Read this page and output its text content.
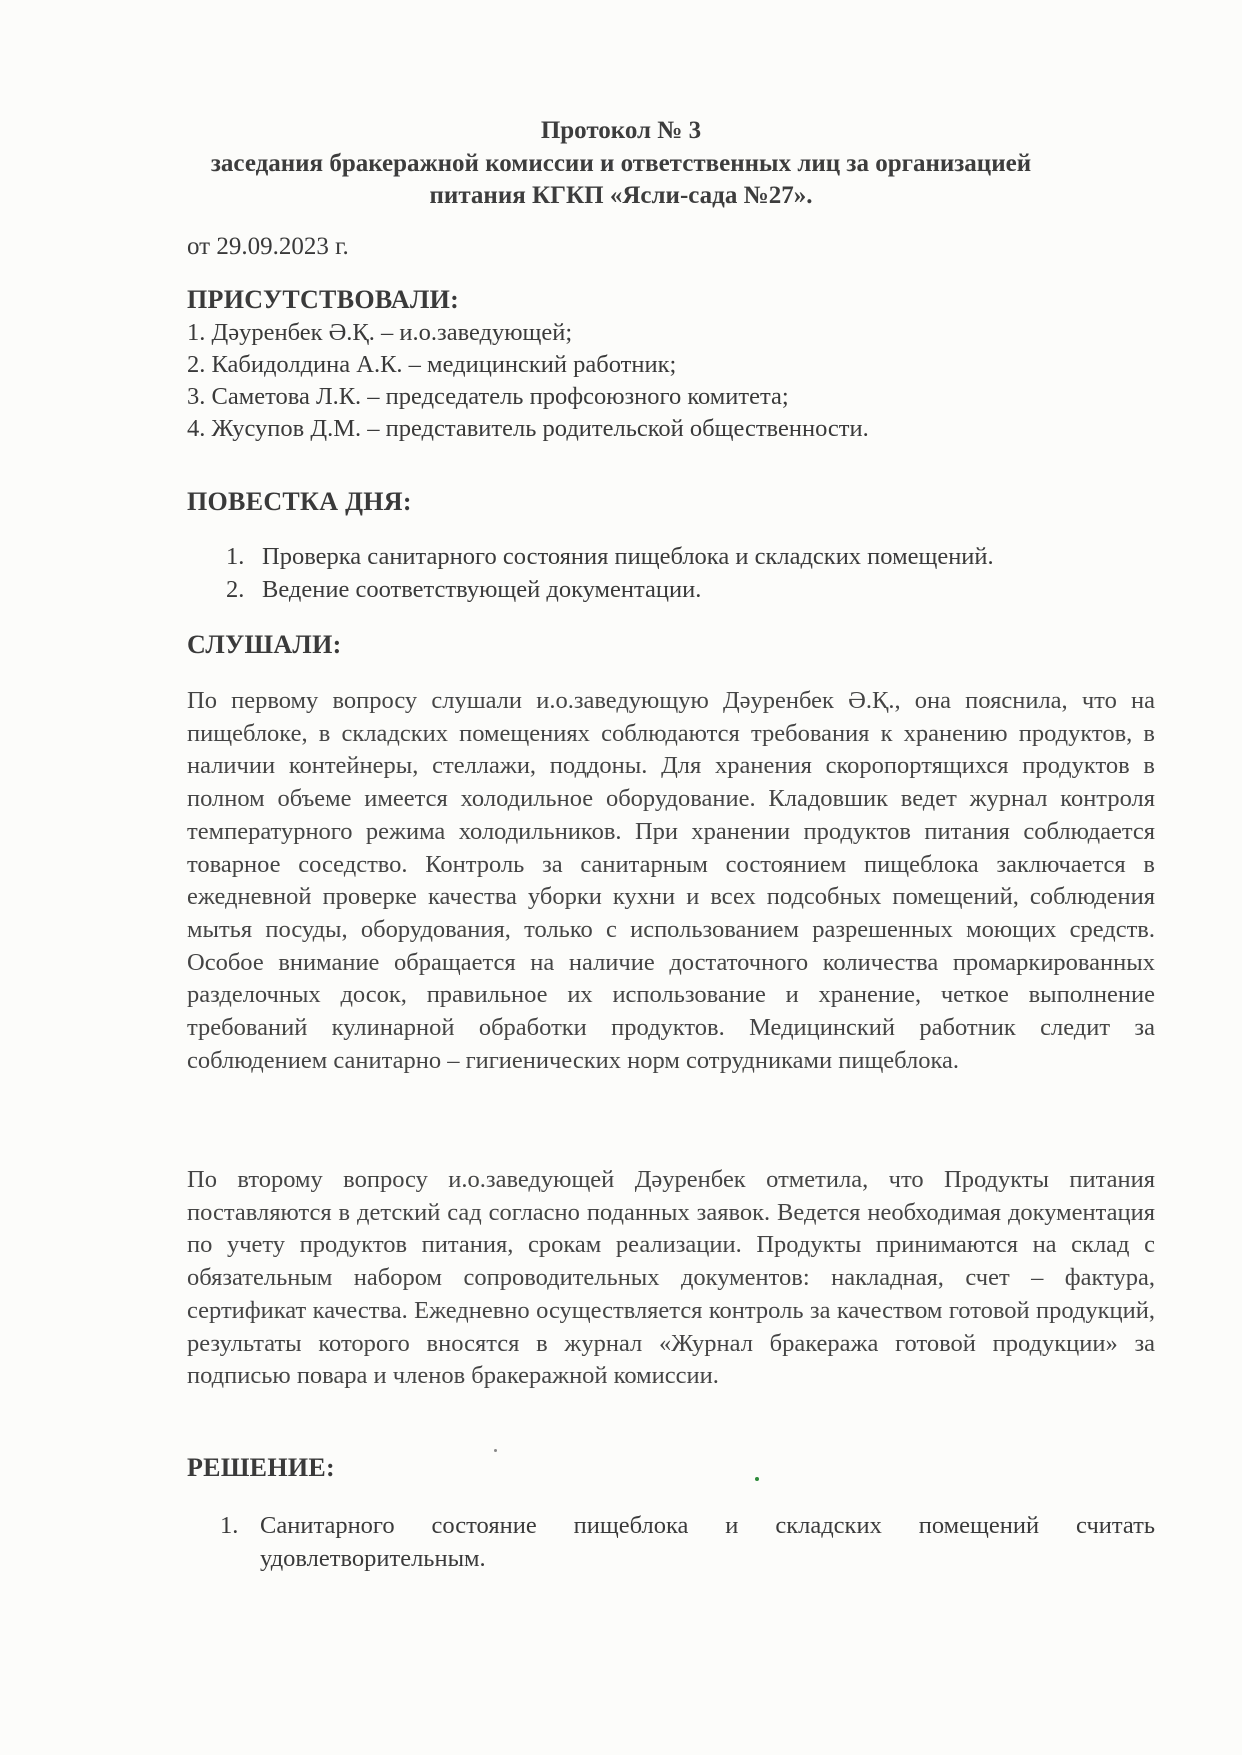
Протокол № 3
заседания бракеражной комиссии и ответственных лиц за организацией
питания КГКП «Ясли-сада №27».
от 29.09.2023 г.
ПРИСУТСТВОВАЛИ:
1. Дәуренбек Ә.Қ. – и.о.заведующей;
2. Кабидолдина А.К. – медицинский работник;
3. Саметова Л.К. – председатель профсоюзного комитета;
4. Жусупов Д.М. – представитель родительской общественности.
ПОВЕСТКА ДНЯ:
1. Проверка санитарного состояния пищеблока и складских помещений.
2. Ведение соответствующей документации.
СЛУШАЛИ:

По первому вопросу слушали и.о.заведующую Дәуренбек Ә.Қ., она пояснила, что на пищеблоке, в складских помещениях соблюдаются требования к хранению продуктов, в наличии контейнеры, стеллажи, поддоны. Для хранения скоропортящихся продуктов в полном объеме имеется холодильное оборудование. Кладовшик ведет журнал контроля температурного режима холодильников. При хранении продуктов питания соблюдается товарное соседство. Контроль за санитарным состоянием пищеблока заключается в ежедневной проверке качества уборки кухни и всех подсобных помещений, соблюдения мытья посуды, оборудования, только с использованием разрешенных моющих средств. Особое внимание обращается на наличие достаточного количества промаркированных разделочных досок, правильное их использование и хранение, четкое выполнение требований кулинарной обработки продуктов. Медицинский работник следит за соблюдением санитарно – гигиенических норм сотрудниками пищеблока.

По второму вопросу и.о.заведующей Дәуренбек отметила, что Продукты питания поставляются в детский сад согласно поданных заявок. Ведется необходимая документация по учету продуктов питания, срокам реализации. Продукты принимаются на склад с обязательным набором сопроводительных документов: накладная, счет – фактура, сертификат качества. Ежедневно осуществляется контроль за качеством готовой продукций, результаты которого вносятся в журнал «Журнал бракеража готовой продукции» за подписью повара и членов бракеражной комиссии.

РЕШЕНИЕ:
1. Санитарного состояние пищеблока и складских помещений считать удовлетворительным.
